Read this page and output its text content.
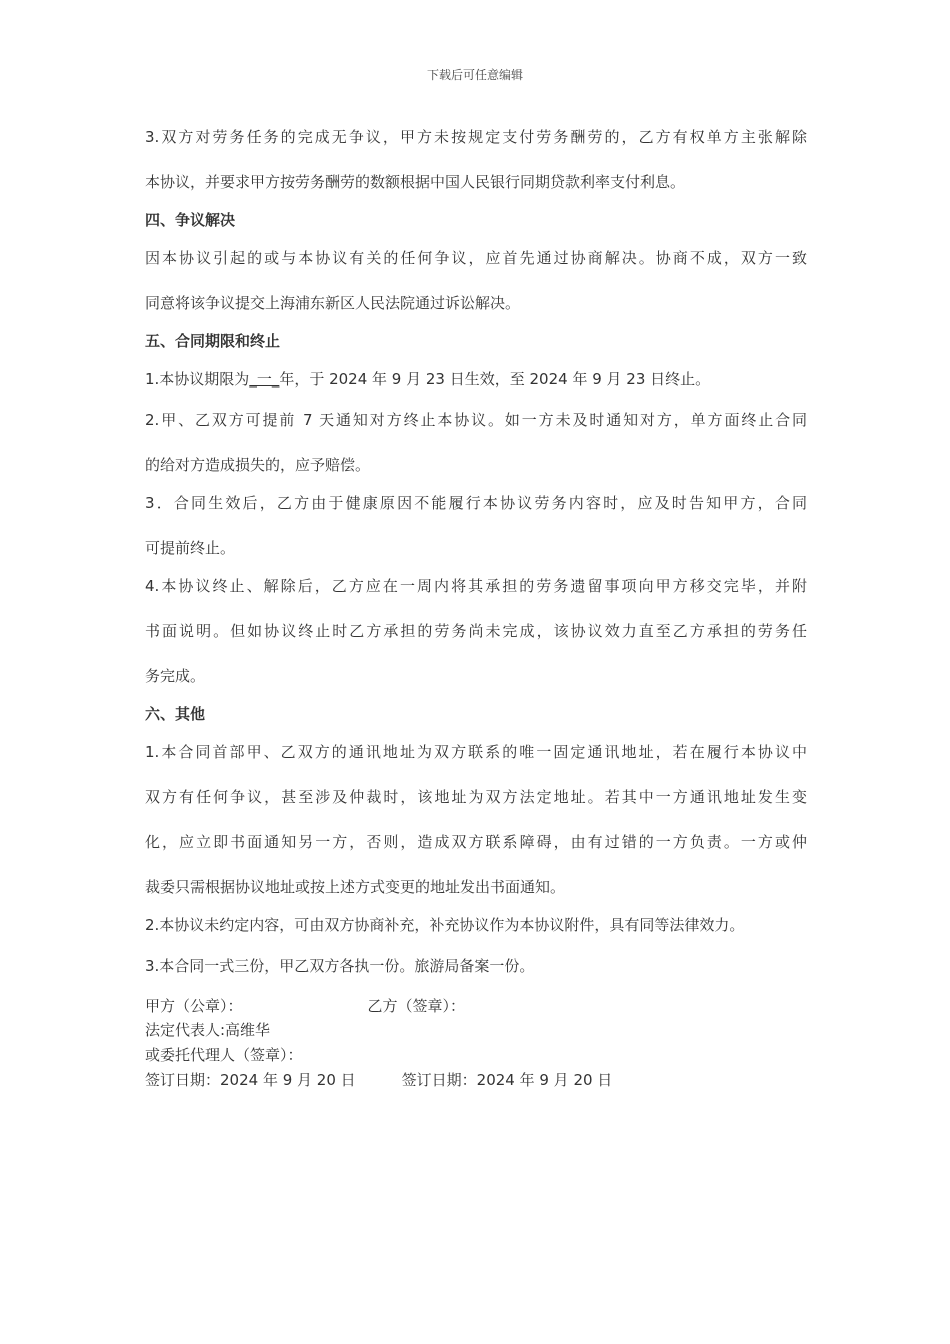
下载后可任意编辑
3.双方对劳务任务的完成无争议，甲方未按规定支付劳务酬劳的，乙方有权单方主张解除
本协议，并要求甲方按劳务酬劳的数额根据中国人民银行同期贷款利率支付利息。
四、争议解决
因本协议引起的或与本协议有关的任何争议，应首先通过协商解决。协商不成，双方一致
同意将该争议提交上海浦东新区人民法院通过诉讼解决。
五、合同期限和终止
1.本协议期限为_一_年，于 2024 年 9 月 23 日生效，至 2024 年 9 月 23 日终止。
2.甲、乙双方可提前 7 天通知对方终止本协议。如一方未及时通知对方，单方面终止合同
的给对方造成损失的，应予赔偿。
3．合同生效后，乙方由于健康原因不能履行本协议劳务内容时，应及时告知甲方，合同
可提前终止。
4.本协议终止、解除后，乙方应在一周内将其承担的劳务遗留事项向甲方移交完毕，并附
书面说明。但如协议终止时乙方承担的劳务尚未完成，该协议效力直至乙方承担的劳务任
务完成。
六、其他
1.本合同首部甲、乙双方的通讯地址为双方联系的唯一固定通讯地址，若在履行本协议中
双方有任何争议，甚至涉及仲裁时，该地址为双方法定地址。若其中一方通讯地址发生变
化，应立即书面通知另一方，否则，造成双方联系障碍，由有过错的一方负责。一方或仲
裁委只需根据协议地址或按上述方式变更的地址发出书面通知。
2.本协议未约定内容，可由双方协商补充，补充协议作为本协议附件，具有同等法律效力。
3.本合同一式三份，甲乙双方各执一份。旅游局备案一份。
甲方（公章）：	乙方（签章）：
法定代表人:高维华
或委托代理人（签章）：
签订日期：2024 年 9 月 20 日	签订日期：2024 年 9 月 20 日
